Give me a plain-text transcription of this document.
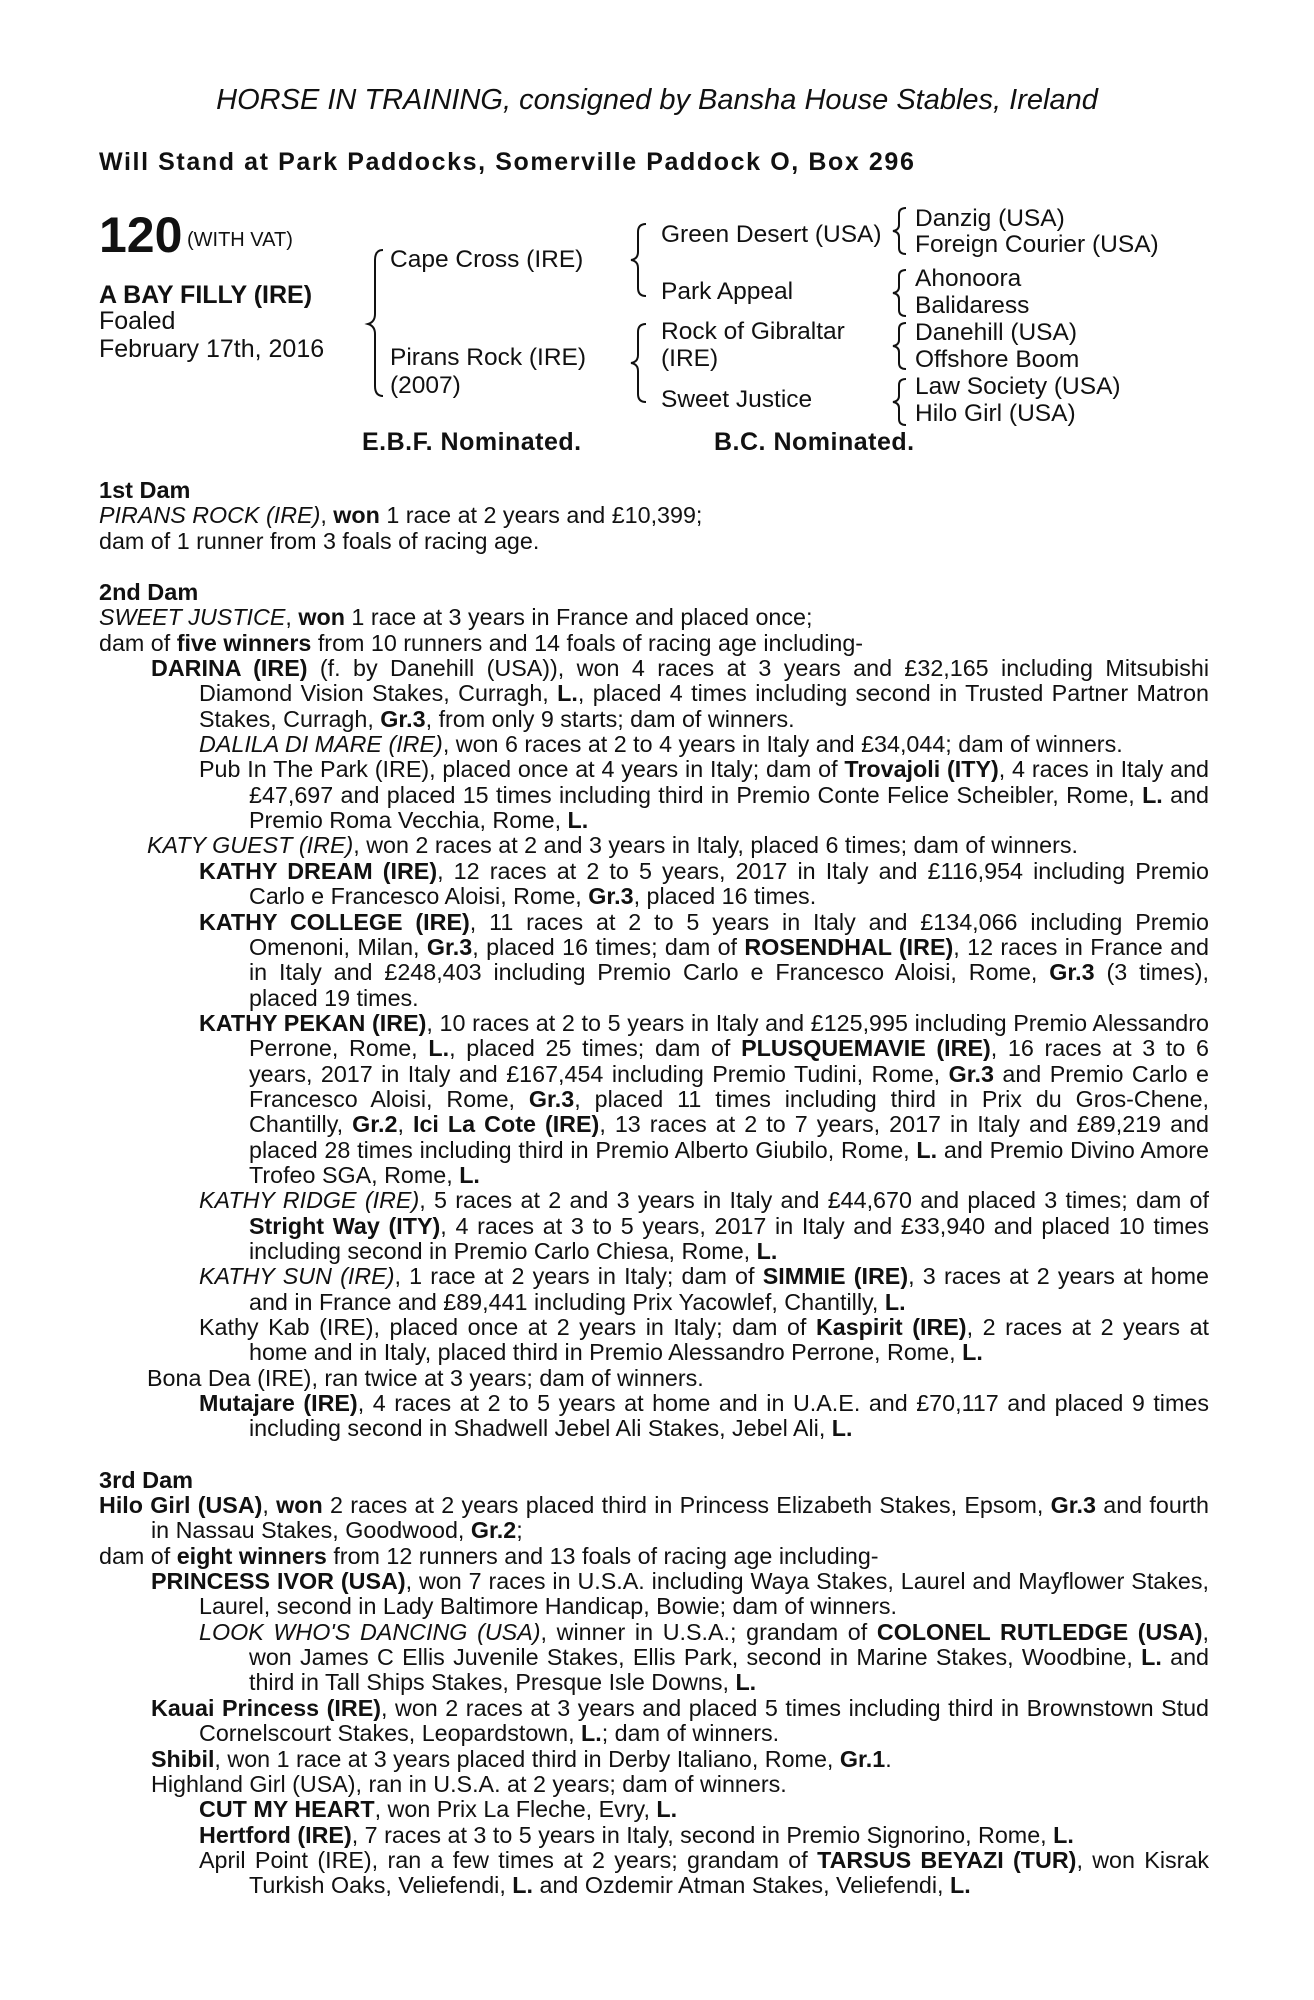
HORSE IN TRAINING, consigned by Bansha House Stables, Ireland
Will Stand at Park Paddocks, Somerville Paddock O, Box 296
120 (WITH VAT)
A BAY FILLY (IRE)
Foaled
February 17th, 2016
Cape Cross (IRE)
Pirans Rock (IRE)
(2007)
Green Desert (USA)
Park Appeal
Rock of Gibraltar
(IRE)
Sweet Justice
Danzig (USA)
Foreign Courier (USA)
Ahonoora
Balidaress
Danehill (USA)
Offshore Boom
Law Society (USA)
Hilo Girl (USA)
E.B.F. Nominated.	B.C. Nominated.

1st Dam

PIRANS ROCK (IRE), won 1 race at 2 years and £10,399;

dam of 1 runner from 3 foals of racing age.

2nd Dam

SWEET JUSTICE, won 1 race at 3 years in France and placed once;

dam of five winners from 10 runners and 14 foals of racing age including-

DARINA (IRE) (f. by Danehill (USA)), won 4 races at 3 years and £32,165 including Mitsubishi Diamond Vision Stakes, Curragh, L., placed 4 times including second in Trusted Partner Matron Stakes, Curragh, Gr.3, from only 9 starts; dam of winners.

DALILA DI MARE (IRE), won 6 races at 2 to 4 years in Italy and £34,044; dam of winners.

Pub In The Park (IRE), placed once at 4 years in Italy; dam of Trovajoli (ITY), 4 races in Italy and £47,697 and placed 15 times including third in Premio Conte Felice Scheibler, Rome, L. and Premio Roma Vecchia, Rome, L.

KATY GUEST (IRE), won 2 races at 2 and 3 years in Italy, placed 6 times; dam of winners.

KATHY DREAM (IRE), 12 races at 2 to 5 years, 2017 in Italy and £116,954 including Premio Carlo e Francesco Aloisi, Rome, Gr.3, placed 16 times.

KATHY COLLEGE (IRE), 11 races at 2 to 5 years in Italy and £134,066 including Premio Omenoni, Milan, Gr.3, placed 16 times; dam of ROSENDHAL (IRE), 12 races in France and in Italy and £248,403 including Premio Carlo e Francesco Aloisi, Rome, Gr.3 (3 times), placed 19 times.

KATHY PEKAN (IRE), 10 races at 2 to 5 years in Italy and £125,995 including Premio Alessandro Perrone, Rome, L., placed 25 times; dam of PLUSQUEMAVIE (IRE), 16 races at 3 to 6 years, 2017 in Italy and £167,454 including Premio Tudini, Rome, Gr.3 and Premio Carlo e Francesco Aloisi, Rome, Gr.3, placed 11 times including third in Prix du Gros-Chene, Chantilly, Gr.2, Ici La Cote (IRE), 13 races at 2 to 7 years, 2017 in Italy and £89,219 and placed 28 times including third in Premio Alberto Giubilo, Rome, L. and Premio Divino Amore Trofeo SGA, Rome, L.

KATHY RIDGE (IRE), 5 races at 2 and 3 years in Italy and £44,670 and placed 3 times; dam of Stright Way (ITY), 4 races at 3 to 5 years, 2017 in Italy and £33,940 and placed 10 times including second in Premio Carlo Chiesa, Rome, L.

KATHY SUN (IRE), 1 race at 2 years in Italy; dam of SIMMIE (IRE), 3 races at 2 years at home and in France and £89,441 including Prix Yacowlef, Chantilly, L.

Kathy Kab (IRE), placed once at 2 years in Italy; dam of Kaspirit (IRE), 2 races at 2 years at home and in Italy, placed third in Premio Alessandro Perrone, Rome, L.

Bona Dea (IRE), ran twice at 3 years; dam of winners.

Mutajare (IRE), 4 races at 2 to 5 years at home and in U.A.E. and £70,117 and placed 9 times including second in Shadwell Jebel Ali Stakes, Jebel Ali, L.

3rd Dam

Hilo Girl (USA), won 2 races at 2 years placed third in Princess Elizabeth Stakes, Epsom, Gr.3 and fourth in Nassau Stakes, Goodwood, Gr.2;

dam of eight winners from 12 runners and 13 foals of racing age including-

PRINCESS IVOR (USA), won 7 races in U.S.A. including Waya Stakes, Laurel and Mayflower Stakes, Laurel, second in Lady Baltimore Handicap, Bowie; dam of winners.

LOOK WHO'S DANCING (USA), winner in U.S.A.; grandam of COLONEL RUTLEDGE (USA), won James C Ellis Juvenile Stakes, Ellis Park, second in Marine Stakes, Woodbine, L. and third in Tall Ships Stakes, Presque Isle Downs, L.

Kauai Princess (IRE), won 2 races at 3 years and placed 5 times including third in Brownstown Stud Cornelscourt Stakes, Leopardstown, L.; dam of winners.

Shibil, won 1 race at 3 years placed third in Derby Italiano, Rome, Gr.1.

Highland Girl (USA), ran in U.S.A. at 2 years; dam of winners.

CUT MY HEART, won Prix La Fleche, Evry, L.

Hertford (IRE), 7 races at 3 to 5 years in Italy, second in Premio Signorino, Rome, L.

April Point (IRE), ran a few times at 2 years; grandam of TARSUS BEYAZI (TUR), won Kisrak Turkish Oaks, Veliefendi, L. and Ozdemir Atman Stakes, Veliefendi, L.
